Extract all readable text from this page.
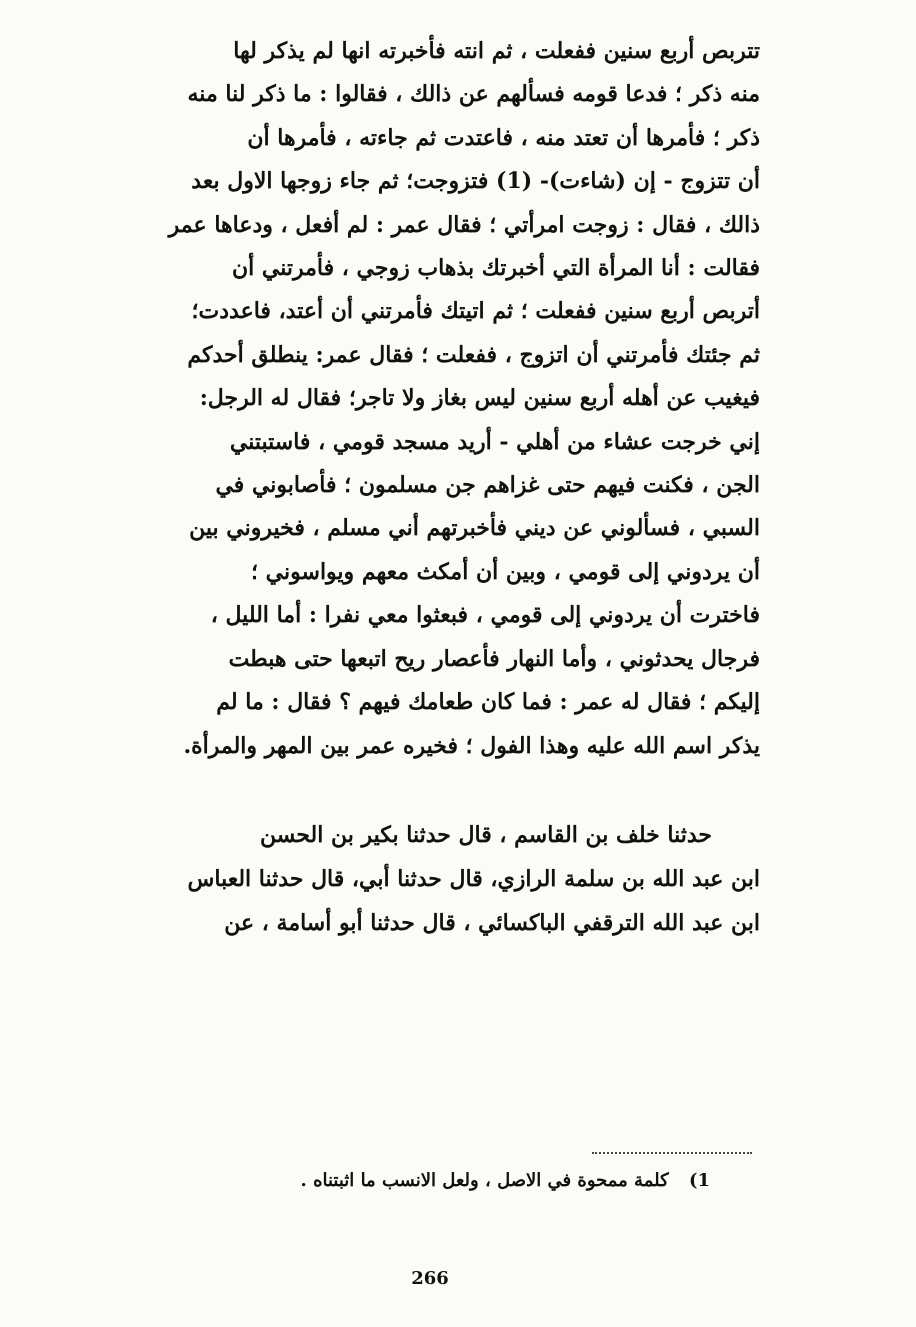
تتربص أربع سنين ففعلت ، ثم انته فأخبرته انها لم يذكر لها
منه ذكر ؛ فدعا قومه فسألهم عن ذالك ، فقالوا : ما ذكر لنا منه
ذكر ؛ فأمرها أن تعتد منه ، فاعتدت ثم جاءته ، فأمرها أن
أن تتزوج - إن (شاءت)- (1) فتزوجت؛ ثم جاء زوجها الاول بعد
ذالك ، فقال : زوجت امرأتي ؛ فقال عمر : لم أفعل ، ودعاها عمر
فقالت : أنا المرأة التي أخبرتك بذهاب زوجي ، فأمرتني أن
أتربص أربع سنين ففعلت ؛ ثم اتيتك فأمرتني أن أعتد، فاعددت؛
ثم جئتك فأمرتني أن اتزوج ، ففعلت ؛ فقال عمر: ينطلق أحدكم
فيغيب عن أهله أربع سنين ليس بغاز ولا تاجر؛ فقال له الرجل:
إني خرجت عشاء من أهلي - أريد مسجد قومي ، فاستبتني
الجن ، فكنت فيهم حتى غزاهم جن مسلمون ؛ فأصابوني في
السبي ، فسألوني عن ديني فأخبرتهم أني مسلم ، فخيروني بين
أن يردوني إلى قومي ، وبين أن أمكث معهم ويواسوني ؛
فاخترت أن يردوني إلى قومي ، فبعثوا معي نفرا : أما الليل ،
فرجال يحدثوني ، وأما النهار فأعصار ريح اتبعها حتى هبطت
إليكم ؛ فقال له عمر : فما كان طعامك فيهم ؟ فقال : ما لم
يذكر اسم الله عليه وهذا الفول ؛ فخيره عمر بين المهر والمرأة.
حدثنا خلف بن القاسم ، قال حدثنا بكير بن الحسن
ابن عبد الله بن سلمة الرازي، قال حدثنا أبي، قال حدثنا العباس
ابن عبد الله الترقفي الباكسائي ، قال حدثنا أبو أسامة ، عن
1) كلمة ممحوة في الاصل ، ولعل الانسب ما اثبتناه .
266
